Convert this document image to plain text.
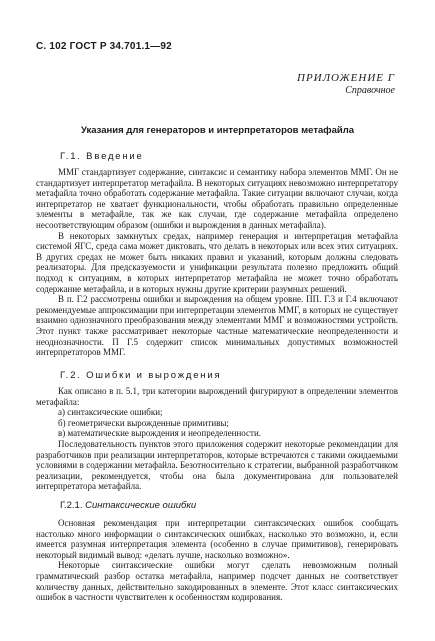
С. 102 ГОСТ Р 34.701.1—92
ПРИЛОЖЕНИЕ Г
Справочное
Указания для генераторов и интерпретаторов метафайла
Г.1. Введение

ММГ стандартизует содержание, синтаксис и семантику набора элементов ММГ. Он не стандартизует интерпретатор метафайла. В некоторых ситуациях невозможно интерпретатору метафайла точно обработать содержание метафайла. Такие ситуации включают случаи, когда интерпретатор не хватает функциональности, чтобы обработать правильно определенные элементы в метафайле, так же как случаи, где содержание метафайла определено несоответствующим образом (ошибки и вырождения в данных метафайла).

В некоторых замкнутых средах, например генерация и интерпретация метафайла системой ЯГС, среда сама может диктовать, что делать в некоторых или всех этих ситуациях. В других средах не может быть никаких правил и указаний, которым должны следовать реализаторы. Для предсказуемости и унификации результата полезно предложить общий подход к ситуациям, в которых интерпретатор метафайла не может точно обработать содержание метафайла, и в которых нужны другие критерии разумных решений.

В п. Г.2 рассмотрены ошибки и вырождения на общем уровне. ПП. Г.3 и Г.4 включают рекомендуемые аппроксимации при интерпретации элементов ММГ, в которых не существует взаимно однозначного преобразования между элементами ММГ и возможностями устройств. Этот пункт также рассматривает некоторые частные математические неопределенности и неоднозначности. П Г.5 содержит список минимальных допустимых возможностей интерпретаторов ММГ.

Г.2. Ошибки и вырождения

Как описано в п. 5.1, три категории вырождений фигурируют в определении элементов метафайла:

а) синтаксические ошибки;
б) геометрически вырожденные примитивы;
в) математические вырождения и неопределенности.

Последовательность пунктов этого приложения содержит некоторые рекомендации для разработчиков при реализации интерпретаторов, которые встречаются с такими ожидаемыми условиями в содержании метафайла. Безотносительно к стратегии, выбранной разработчиком реализации, рекомендуется, чтобы она была документирована для пользователей интерпретатора метафайла.

Г.2.1. Синтаксические ошибки

Основная рекомендация при интерпретации синтаксических ошибок сообщать настолько много информации о синтаксических ошибках, насколько это возможно, и, если имеется разумная интерпретация элемента (особенно в случае примитивов), генерировать некоторый видимый вывод: «делать лучше, насколько возможно».

Некоторые синтаксические ошибки могут сделать невозможным полный грамматический разбор остатка метафайла, например подсчет данных не соответствует количеству данных, действительно закодированных в элементе. Этот класс синтаксических ошибок в частности чувствителен к особенностям кодирования.
